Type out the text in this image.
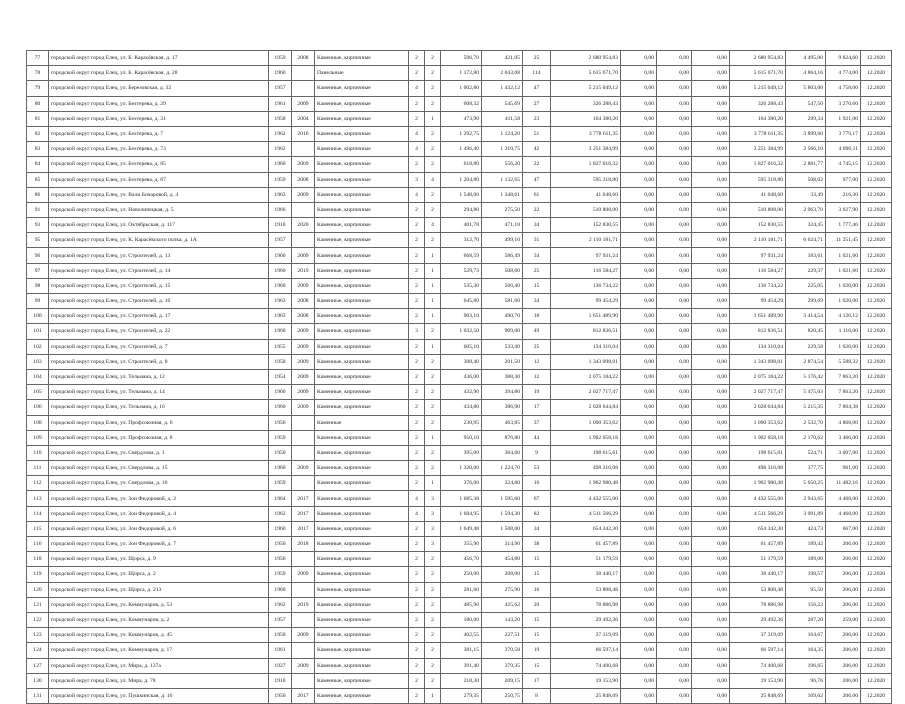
77	городской округ город Елец, ул. Б. Карасёвская, д. 17	1959	2008	Каменные, кирпичные	2	2	596,70	421,05	25	2 680 954,83	0,00	0,00	0,00	2 680 954,83	4 495,00	9 824,60	12.2020
78	городской округ город Елец, ул. Б. Карасёвская, д. 28	1960		Панельные	2	2	1 172,80	2 043,08	114	5 615 671,70	0,00	0,00	0,00	5 615 671,70	4 864,16	4 774,00	12.2020
79	городской округ город Елец, ул. Березовская, д. 32	1957		Каменные, кирпичные	4	2	1 002,80	1 432,12	47	5 215 049,12	0,00	0,00	0,00	5 215 049,12	5 803,00	4 758,00	12.2020
80	городской округ город Елец, ул. Бехтерева, д. 29	1961	2009	Каменные, кирпичные	2	2	608,32	545,69	27	326 288,43	0,00	0,00	0,00	326 288,43	547,50	3 270,60	12.2020
81	городской округ город Елец, ул. Бехтерева, д. 31	1958	2004	Каменные, кирпичные	2	1	473,90	411,58	23	164 380,20	0,00	0,00	0,00	164 380,20	299,34	1 921,00	12.2020
82	городской округ город Елец, ул. Бехтерева, д. 7	1962	2016	Каменные, кирпичные	4	2	1 292,75	1 124,20	51	3 778 611,35	0,00	0,00	0,00	3 778 611,35	3 899,60	3 779,17	12.2020
83	городской округ город Елец, ул. Бехтерева, д. 73	1962		Каменные, кирпичные	4	2	1 496,40	1 310,75	42	3 251 384,99	0,00	0,00	0,00	3 251 384,99	2 566,10	4 896,11	12.2020
84	городской округ город Елец, ул. Бехтерева, д. 85	1960	2009	Каменные, кирпичные	2	2	618,80	556,20	22	1 827 016,32	0,00	0,00	0,00	1 827 016,32	2 881,77	4 745,15	12.2020
85	городской округ город Елец, ул. Бехтерева, д. 87	1959	2008	Каменные, кирпичные	3	4	1 204,80	1 132,65	47	595 318,80	0,00	0,00	0,00	595 318,80	508,02	977,00	12.2020
86	городской округ город Елец, ул. Вали Бочаровой, д. 4	1963	2009	Каменные, кирпичные	4	2	1 548,00	1 348,61	61	41 048,60	0,00	0,00	0,00	41 048,60	33,49	216,30	12.2020
91	городской округ город Елец, ул. Новолипецкая, д. 5	1966		Каменные, кирпичные	2	2	294,80	275,50	22	510 808,00	0,00	0,00	0,00	510 808,00	2 963,70	3 027,90	12.2020
93	городской округ город Елец, ул. Октябрьская, д. 117	1918	2020	Каменные, кирпичные	2	4	401,78	471,18	34	152 830,55	0,00	0,00	0,00	152 830,55	324,45	1 777,46	12.2020
95	городской округ город Елец, ул. К. Карасёвского полка, д. 1А	1957		Каменные, кирпичные	2	2	312,70	499,10	31	2 110 181,71	0,00	0,00	0,00	2 110 181,71	6 624,71	11 251,45	12.2020
96	городской округ город Елец, ул. Строителей, д. 13	1960	2009	Каменные, кирпичные	2	1	668,59	586,49	34	97 931,24	0,00	0,00	0,00	97 931,24	183,61	1 021,60	12.2020
97	городской округ город Елец, ул. Строителей, д. 14	1960	2019	Каменные, кирпичные	2	1	529,73	508,00	25	116 584,27	0,00	0,00	0,00	116 584,27	229,37	1 021,60	12.2020
98	городской округ город Елец, ул. Строителей, д. 15	1960	2009	Каменные, кирпичные	2	1	535,30	566,40	15	136 734,22	0,00	0,00	0,00	136 734,22	225,05	1 020,00	12.2020
99	городской округ город Елец, ул. Строителей, д. 16	1963	2008	Каменные, кирпичные	2	1	645,80	581,60	34	99 454,29	0,00	0,00	0,00	99 454,29	299,69	1 020,00	12.2020
100	городской округ город Елец, ул. Строителей, д. 17	1963	2008	Каменные, кирпичные	2	1	903,10	490,70	18	1 651 489,90	0,00	0,00	0,00	1 651 489,90	3 414,54	4 126,12	12.2020
101	городской округ город Елец, ул. Строителей, д. 22	1960	2009	Каменные, кирпичные	3	2	1 032,50	909,00	49	812 836,51	0,00	0,00	0,00	812 836,51	820,45	1 116,00	12.2020
102	городской округ город Елец, ул. Строителей, д. 7	1955	2009	Каменные, кирпичные	2	1	605,10	533,40	25	134 310,04	0,00	0,00	0,00	134 310,04	229,58	1 020,00	12.2020
103	городской округ город Елец, ул. Строителей, д. 8	1958	2009	Каменные, кирпичные	2	2	308,40	201,50	12	1 343 098,01	0,00	0,00	0,00	1 343 098,01	2 874,54	5 588,32	12.2020
104	городской округ город Елец, ул. Тельмана, д. 12	1954	2009	Каменные, кирпичные	2	2	436,00	388,30	12	2 075 184,22	0,00	0,00	0,00	2 075 184,22	5 176,42	7 863,20	12.2020
105	городской округ город Елец, ул. Тельмана, д. 14	1960	2009	Каменные, кирпичные	2	2	432,90	394,80	19	2 027 717,47	0,00	0,00	0,00	2 027 717,47	5 475,03	7 863,20	12.2020
106	городской округ город Елец, ул. Тельмана, д. 16	1960	2009	Каменные, кирпичные	2	2	434,80	386,90	17	2 028 644,84	0,00	0,00	0,00	2 028 644,84	5 215,35	7 864,38	12.2020
108	городской округ город Елец, ул. Профсоюзная, д. 6	1956		Каменные	2	2	230,95	463,85	37	1 090 353,62	0,00	0,00	0,00	1 090 353,62	2 532,70	4 868,00	12.2020
109	городской округ город Елец, ул. Профсоюзная, д. 8	1959		Каменные, кирпичные	2	1	950,10	876,80	44	1 902 058,18	0,00	0,00	0,00	1 902 058,18	2 170,62	3 466,00	12.2020
110	городской округ город Елец, ул. Свердлова, д. 1	1950		Каменные, кирпичные	2	2	395,00	364,60	9	198 615,61	0,00	0,00	0,00	198 615,61	524,71	3 007,00	12.2020
111	городской округ город Елец, ул. Свердлова, д. 15	1960	2009	Каменные, кирпичные	2	2	1 320,00	1 224,70	53	498 316,08	0,00	0,00	0,00	498 316,08	377,75	961,00	12.2020
112	городской округ город Елец, ул. Свердлова, д. 16	1959		Каменные, кирпичные	2	1	376,00	324,80	16	1 962 980,48	0,00	0,00	0,00	1 962 980,48	5 650,25	11 482,16	12.2020
113	городской округ город Елец, ул. Зои Федоровой, д. 2	1964	2017	Каменные, кирпичные	4	3	1 685,38	1 595,60	67	4 432 555,00	0,00	0,00	0,00	4 432 555,00	2 943,65	4 468,00	12.2020
114	городской округ город Елец, ул. Зои Федоровой, д. 4	1962	2017	Каменные, кирпичные	4	3	1 684,95	1 594,30	82	4 511 566,29	0,00	0,00	0,00	4 511 566,29	3 091,89	4 468,00	12.2020
115	городской округ город Елец, ул. Зои Федоровой, д. 6	1960	2017	Каменные, кирпичные	2	3	1 649,48	1 508,00	34	654 342,30	0,00	0,00	0,00	654 342,30	424,73	667,00	12.2020
116	городской округ город Елец, ул. Зои Федоровой, д. 7	1950	2018	Каменные, кирпичные	2	3	355,90	314,90	38	61 457,89	0,00	0,00	0,00	61 457,89	189,42	206,00	12.2020
118	городской округ город Елец, ул. Щорса, д. 9	1956		Каменные, кирпичные	2	2	456,70	454,80	15	51 179,59	0,00	0,00	0,00	51 179,59	189,00	206,00	12.2020
119	городской округ город Елец, ул. Щорса, д. 2	1959	2009	Каменные, кирпичные	2	2	250,00	208,00	15	38 440,17	0,00	0,00	0,00	38 440,17	198,57	206,00	12.2020
120	городской округ город Елец, ул. Щорса, д. 213	1960		Каменные, кирпичные	2	2	281,60	275,90	16	53 808,48	0,00	0,00	0,00	53 808,48	95,50	206,00	12.2020
121	городской округ город Елец, ул. Коммунаров, д. 53	1962	2019	Каменные, кирпичные	2	2	485,90	425,62	20	78 886,98	0,00	0,00	0,00	78 886,98	156,23	206,00	12.2020
122	городской округ город Елец, ул. Коммунаров, д. 2	1957		Каменные, кирпичные	2	2	180,00	143,20	15	29 492,36	0,00	0,00	0,00	29 492,36	287,20	259,00	12.2020
123	городской округ город Елец, ул. Коммунаров, д. 45	1958	2009	Каменные, кирпичные	2	2	402,55	227,51	15	37 319,09	0,00	0,00	0,00	37 319,09	164,67	206,00	12.2020
124	городской округ город Елец, ул. Коммунаров, д. 17	1961		Каменные, кирпичные	2	2	381,15	370,58	19	66 597,14	0,00	0,00	0,00	66 597,14	164,35	206,00	12.2020
127	городской округ город Елец, ул. Мира, д. 137а	1927	2009	Каменные, кирпичные	2	2	391,40	379,35	15	74 400,68	0,00	0,00	0,00	74 400,68	196,65	206,00	12.2020
130	городской округ город Елец, ул. Мира, д. 78	1918		Каменные, кирпичные	2	2	218,30	209,15	17	19 153,90	0,00	0,00	0,00	19 153,90	96,76	206,00	12.2020
131	городской округ город Елец, ул. Пушкинская, д. 16	1950	2017	Каменные, кирпичные	2	1	279,35	250,75	8	25 848,69	0,00	0,00	0,00	25 848,69	109,62	206,00	12.2020
